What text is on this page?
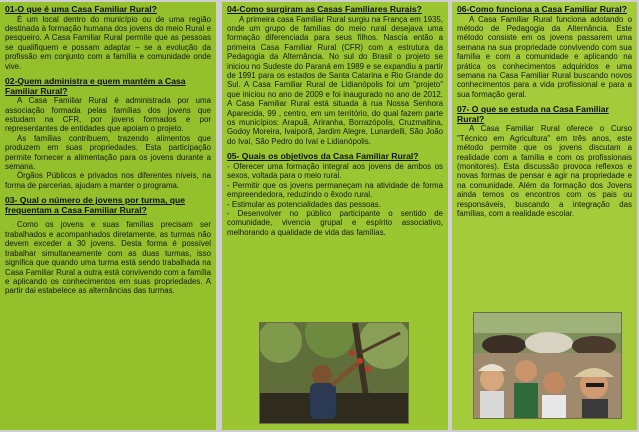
01-O que é uma Casa Familiar Rural?

É um local dentro do município ou de uma região destinada à formação humana dos jovens do meio Rural e pesqueiro. A Casa Familiar Rural permite que as pessoas se qualifiquem e possam adaptar – se a evolução da profissão em conjunto com a família e comunidade onde vive.

02-Quem administra e quem mantém a Casa Familiar Rural?

A Casa Familiar Rural é administrada por uma associação formada pelas famílias dos jovens que estudam na CFR, por jovens formados e por representantes de entidades que apoiam o projeto.

As famílias contribuem, trazendo alimentos que produzem em suas propriedades. Esta participação permite fornecer a alimentação para os jovens durante a semana.

Órgãos Públicos e privados nos diferentes níveis, na forma de parcerias, ajudam a manter o programa.

03- Qual o número de jovens por turma, que frequentam a Casa Familiar Rural?

Como os jovens e suas famílias precisam ser trabalhados e acompanhados diretamente, as turmas não devem exceder a 30 jovens. Desta forma é possível trabalhar simultaneamente com as duas turmas, isso significa que quando uma turma está sendo trabalhada na Casa Familiar Rural a outra está convivendo com a família e aplicando os conhecimentos em suas propriedades. A partir dai estabelece as alternâncias das turmas.

04-Como surgiram as Casas Familiares Rurais?

A primeira casa Familiar Rural surgiu na França em 1935, onde um grupo de famílias do meio rural desejava uma formação diferenciada para seus filhos. Nascia então a primeira Casa Familiar Rural (CFR) com a estrutura da Pedagogia da Alternância. No sul do Brasil o projeto se iniciou no Sudeste do Paraná em 1989 e se expandiu a partir de 1991 para os estados de Santa Catarina e Rio Grande do Sul. A Casa Familiar Rural de Lidianópolis foi um "projeto" que iniciou no ano de 2009 e foi inaugurado no ano de 2012. A Casa Familiar Rural está situada à rua Nossa Senhora Aparecida, 99 , centro, em um território, do qual fazem parte os municípios: Arapuã, Ariranha, Borrazópolis, Cruzmaltina, Godoy Moreira, Ivaiporã, Jardim Alegre, Lunardelli, São João do Ivaí, São Pedro do Ivaí e Lidianópolis.

05- Quais os objetivos da Casa Familiar Rural?

- Oferecer uma formação integral aos jovens de ambos os sexos, voltada para o meio rural.

- Permitir que os jovens permaneçam na atividade de forma empreendedora, reduzindo o êxodo rural.

- Estimular as potencialidades das pessoas.

- Desenvolver no público participante o sentido de comunidade, vivencia grupal e espírito associativo, melhorando a qualidade de vida das famílias.

06-Como funciona a Casa Familiar Rural?

A Casa Familiar Rural funciona adotando o método de Pedagogia da Alternância. Este método consiste em os jovens passarem uma semana na sua propriedade convivendo com sua família e com a comunidade e aplicando na prática os conhecimentos adquiridos e uma semana na Casa Familiar Rural buscando novos conhecimentos para a vida profissional e para a sua formação geral.

07- O que se estuda na Casa Familiar Rural?

A Casa Familiar Rural oferece o Curso "Técnico em Agricultura" em três anos, este método permite que os jovens discutam a realidade com a família e com os profissionais (monitores). Esta discussão provoca reflexos e novas formas de pensar e agir na propriedade e na comunidade. Além da formação dos Jovens ainda temos os encontros com os pais ou responsáveis, buscando a integração das famílias, com a realidade escolar.
